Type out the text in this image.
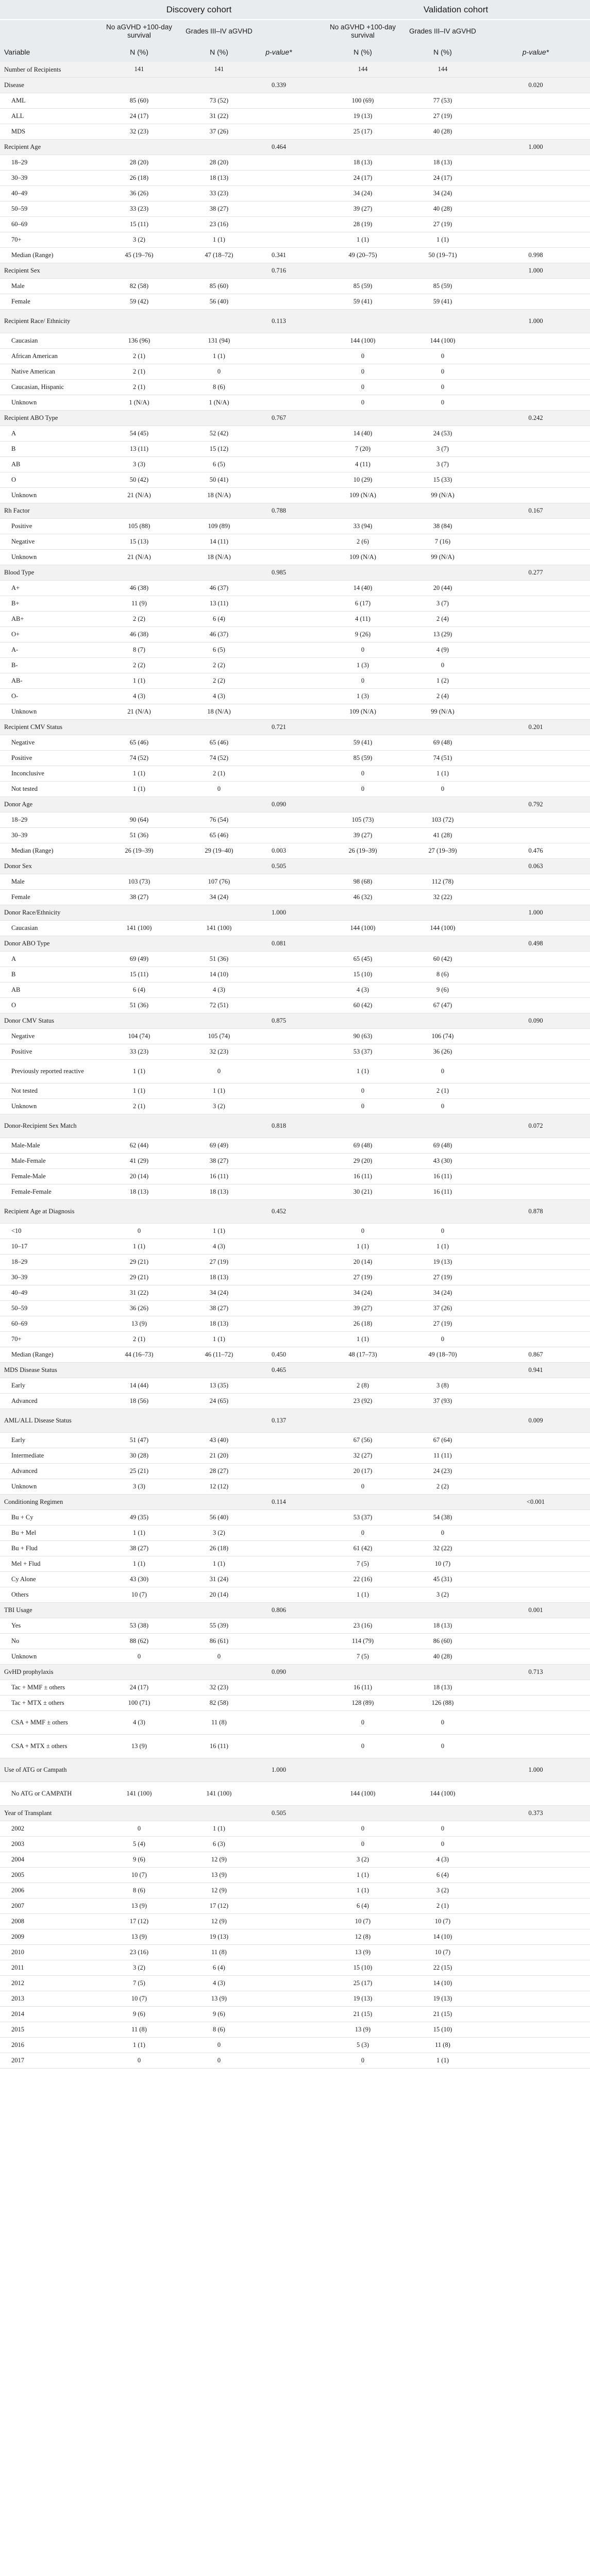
	Discovery cohort				Validation cohort		
	No aGVHD +100-day survival	Grades III–IV aGVHD			No aGVHD +100-day survival	Grades III–IV aGVHD	
Variable	N (%)	N (%)	p-value*		N (%)	N (%)	p-value*
Number of Recipients	141	141			144	144	
Disease			0.339				0.020
AML	85 (60)	73 (52)			100 (69)	77 (53)	
ALL	24 (17)	31 (22)			19 (13)	27 (19)	
MDS	32 (23)	37 (26)			25 (17)	40 (28)	
Recipient Age			0.464				1.000
18–29	28 (20)	28 (20)			18 (13)	18 (13)	
30–39	26 (18)	18 (13)			24 (17)	24 (17)	
40–49	36 (26)	33 (23)			34 (24)	34 (24)	
50–59	33 (23)	38 (27)			39 (27)	40 (28)	
60–69	15 (11)	23 (16)			28 (19)	27 (19)	
70+	3 (2)	1 (1)			1 (1)	1 (1)	
Median (Range)	45 (19–76)	47 (18–72)	0.341		49 (20–75)	50 (19–71)	0.998
Recipient Sex			0.716				1.000
Male	82 (58)	85 (60)			85 (59)	85 (59)	
Female	59 (42)	56 (40)			59 (41)	59 (41)	
Recipient Race/ Ethnicity			0.113				1.000
Caucasian	136 (96)	131 (94)			144 (100)	144 (100)	
African American	2 (1)	1 (1)			0	0	
Native American	2 (1)	0			0	0	
Caucasian, Hispanic	2 (1)	8 (6)			0	0	
Unknown	1 (N/A)	1 (N/A)			0	0	
Recipient ABO Type			0.767				0.242
A	54 (45)	52 (42)			14 (40)	24 (53)	
B	13 (11)	15 (12)			7 (20)	3 (7)	
AB	3 (3)	6 (5)			4 (11)	3 (7)	
O	50 (42)	50 (41)			10 (29)	15 (33)	
Unknown	21 (N/A)	18 (N/A)			109 (N/A)	99 (N/A)	
Rh Factor			0.788				0.167
Positive	105 (88)	109 (89)			33 (94)	38 (84)	
Negative	15 (13)	14 (11)			2 (6)	7 (16)	
Unknown	21 (N/A)	18 (N/A)			109 (N/A)	99 (N/A)	
Blood Type			0.985				0.277
A+	46 (38)	46 (37)			14 (40)	20 (44)	
B+	11 (9)	13 (11)			6 (17)	3 (7)	
AB+	2 (2)	6 (4)			4 (11)	2 (4)	
O+	46 (38)	46 (37)			9 (26)	13 (29)	
A-	8 (7)	6 (5)			0	4 (9)	
B-	2 (2)	2 (2)			1 (3)	0	
AB-	1 (1)	2 (2)			0	1 (2)	
O-	4 (3)	4 (3)			1 (3)	2 (4)	
Unknown	21 (N/A)	18 (N/A)			109 (N/A)	99 (N/A)	
Recipient CMV Status			0.721				0.201
Negative	65 (46)	65 (46)			59 (41)	69 (48)	
Positive	74 (52)	74 (52)			85 (59)	74 (51)	
Inconclusive	1 (1)	2 (1)			0	1 (1)	
Not tested	1 (1)	0			0	0	
Donor Age			0.090				0.792
18–29	90 (64)	76 (54)			105 (73)	103 (72)	
30–39	51 (36)	65 (46)			39 (27)	41 (28)	
Median (Range)	26 (19–39)	29 (19–40)	0.003		26 (19–39)	27 (19–39)	0.476
Donor Sex			0.505				0.063
Male	103 (73)	107 (76)			98 (68)	112 (78)	
Female	38 (27)	34 (24)			46 (32)	32 (22)	
Donor Race/Ethnicity			1.000				1.000
Caucasian	141 (100)	141 (100)			144 (100)	144 (100)	
Donor ABO Type			0.081				0.498
A	69 (49)	51 (36)			65 (45)	60 (42)	
B	15 (11)	14 (10)			15 (10)	8 (6)	
AB	6 (4)	4 (3)			4 (3)	9 (6)	
O	51 (36)	72 (51)			60 (42)	67 (47)	
Donor CMV Status			0.875				0.090
Negative	104 (74)	105 (74)			90 (63)	106 (74)	
Positive	33 (23)	32 (23)			53 (37)	36 (26)	
Previously reported reactive	1 (1)	0			1 (1)	0	
Not tested	1 (1)	1 (1)			0	2 (1)	
Unknown	2 (1)	3 (2)			0	0	
Donor-Recipient Sex Match			0.818				0.072
Male-Male	62 (44)	69 (49)			69 (48)	69 (48)	
Male-Female	41 (29)	38 (27)			29 (20)	43 (30)	
Female-Male	20 (14)	16 (11)			16 (11)	16 (11)	
Female-Female	18 (13)	18 (13)			30 (21)	16 (11)	
Recipient Age at Diagnosis			0.452				0.878
<10	0	1 (1)			0	0	
10–17	1 (1)	4 (3)			1 (1)	1 (1)	
18–29	29 (21)	27 (19)			20 (14)	19 (13)	
30–39	29 (21)	18 (13)			27 (19)	27 (19)	
40–49	31 (22)	34 (24)			34 (24)	34 (24)	
50–59	36 (26)	38 (27)			39 (27)	37 (26)	
60–69	13 (9)	18 (13)			26 (18)	27 (19)	
70+	2 (1)	1 (1)			1 (1)	0	
Median (Range)	44 (16–73)	46 (11–72)	0.450		48 (17–73)	49 (18–70)	0.867
MDS Disease Status			0.465				0.941
Early	14 (44)	13 (35)			2 (8)	3 (8)	
Advanced	18 (56)	24 (65)			23 (92)	37 (93)	
AML/ALL Disease Status			0.137				0.009
Early	51 (47)	43 (40)			67 (56)	67 (64)	
Intermediate	30 (28)	21 (20)			32 (27)	11 (11)	
Advanced	25 (21)	28 (27)			20 (17)	24 (23)	
Unknown	3 (3)	12 (12)			0	2 (2)	
Conditioning Regimen			0.114				<0.001
Bu + Cy	49 (35)	56 (40)			53 (37)	54 (38)	
Bu + Mel	1 (1)	3 (2)			0	0	
Bu + Flud	38 (27)	26 (18)			61 (42)	32 (22)	
Mel + Flud	1 (1)	1 (1)			7 (5)	10 (7)	
Cy Alone	43 (30)	31 (24)			22 (16)	45 (31)	
Others	10 (7)	20 (14)			1 (1)	3 (2)	
TBI Usage			0.806				0.001
Yes	53 (38)	55 (39)			23 (16)	18 (13)	
No	88 (62)	86 (61)			114 (79)	86 (60)	
Unknown	0	0			7 (5)	40 (28)	
GvHD prophylaxis			0.090				0.713
Tac + MMF ± others	24 (17)	32 (23)			16 (11)	18 (13)	
Tac + MTX ± others	100 (71)	82 (58)			128 (89)	126 (88)	
CSA + MMF ± others	4 (3)	11 (8)			0	0	
CSA + MTX ± others	13 (9)	16 (11)			0	0	
Use of ATG or Campath			1.000				1.000
No ATG or CAMPATH	141 (100)	141 (100)			144 (100)	144 (100)	
Year of Transplant			0.505				0.373
2002	0	1 (1)			0	0	
2003	5 (4)	6 (3)			0	0	
2004	9 (6)	12 (9)			3 (2)	4 (3)	
2005	10 (7)	13 (9)			1 (1)	6 (4)	
2006	8 (6)	12 (9)			1 (1)	3 (2)	
2007	13 (9)	17 (12)			6 (4)	2 (1)	
2008	17 (12)	12 (9)			10 (7)	10 (7)	
2009	13 (9)	19 (13)			12 (8)	14 (10)	
2010	23 (16)	11 (8)			13 (9)	10 (7)	
2011	3 (2)	6 (4)			15 (10)	22 (15)	
2012	7 (5)	4 (3)			25 (17)	14 (10)	
2013	10 (7)	13 (9)			19 (13)	19 (13)	
2014	9 (6)	9 (6)			21 (15)	21 (15)	
2015	11 (8)	8 (6)			13 (9)	15 (10)	
2016	1 (1)	0			5 (3)	11 (8)	
2017	0	0			0	1 (1)	
